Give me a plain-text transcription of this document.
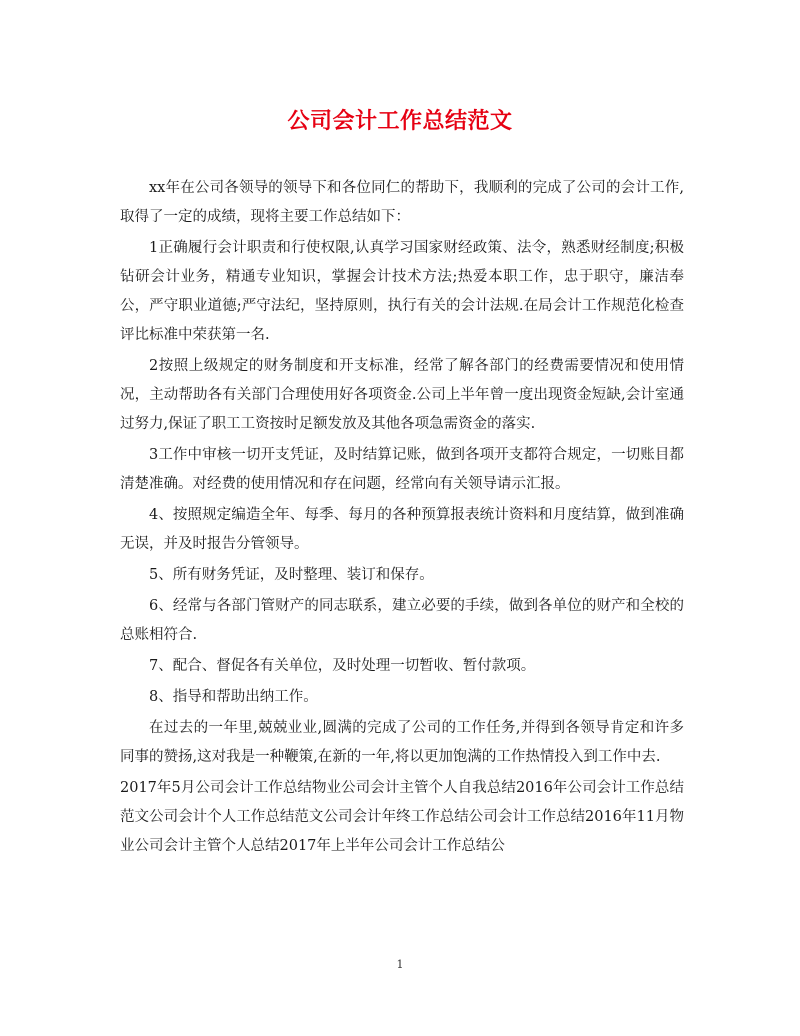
公司会计工作总结范文

xx年在公司各领导的领导下和各位同仁的帮助下，我顺利的完成了公司的会计工作,取得了一定的成绩，现将主要工作总结如下：

1正确履行会计职责和行使权限,认真学习国家财经政策、法令，熟悉财经制度;积极钻研会计业务，精通专业知识，掌握会计技术方法;热爱本职工作，忠于职守，廉洁奉公，严守职业道德;严守法纪，坚持原则，执行有关的会计法规.在局会计工作规范化检查评比标准中荣获第一名.

2按照上级规定的财务制度和开支标准，经常了解各部门的经费需要情况和使用情况，主动帮助各有关部门合理使用好各项资金.公司上半年曾一度出现资金短缺,会计室通过努力,保证了职工工资按时足额发放及其他各项急需资金的落实.

3工作中审核一切开支凭证，及时结算记账，做到各项开支都符合规定，一切账目都清楚准确。对经费的使用情况和存在问题，经常向有关领导请示汇报。

4、按照规定编造全年、每季、每月的各种预算报表统计资料和月度结算，做到准确无误，并及时报告分管领导。

5、所有财务凭证，及时整理、装订和保存。

6、经常与各部门管财产的同志联系，建立必要的手续，做到各单位的财产和全校的总账相符合.

7、配合、督促各有关单位，及时处理一切暂收、暂付款项。

8、指导和帮助出纳工作。

在过去的一年里,兢兢业业,圆满的完成了公司的工作任务,并得到各领导肯定和许多同事的赞扬,这对我是一种鞭策,在新的一年,将以更加饱满的工作热情投入到工作中去.

2017年5月公司会计工作总结物业公司会计主管个人自我总结2016年公司会计工作总结范文公司会计个人工作总结范文公司会计年终工作总结公司会计工作总结2016年11月物业公司会计主管个人总结2017年上半年公司会计工作总结公

1
